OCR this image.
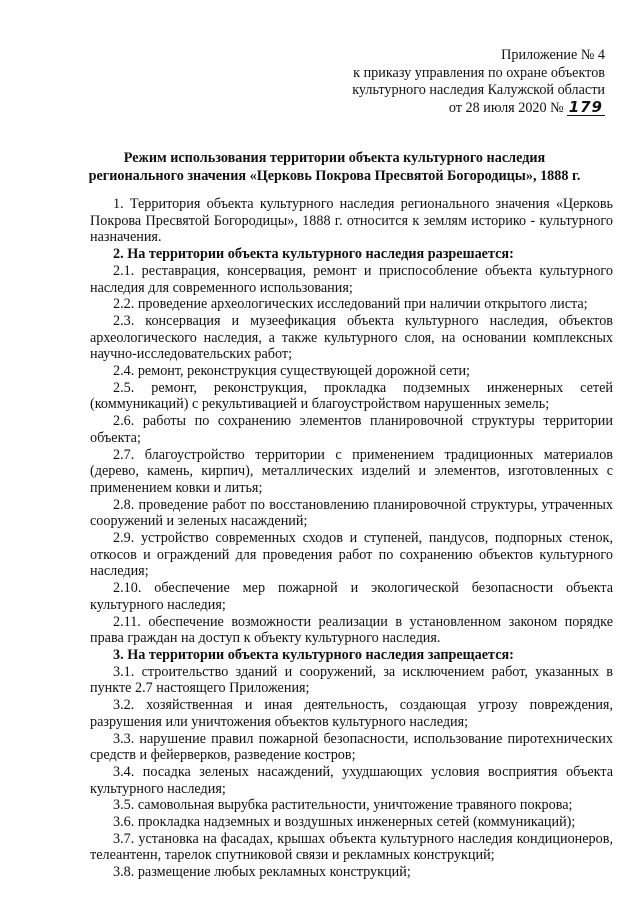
Приложение № 4
к приказу управления по охране объектов
культурного наследия Калужской области
от 28 июля 2020 № 179
Режим использования территории объекта культурного наследия
регионального значения «Церковь Покрова Пресвятой Богородицы», 1888 г.

1. Территория объекта культурного наследия регионального значения «Церковь Покрова Пресвятой Богородицы», 1888 г. относится к землям историко - культурного назначения.

2. На территории объекта культурного наследия разрешается:

2.1. реставрация, консервация, ремонт и приспособление объекта культурного наследия для современного использования;

2.2. проведение археологических исследований при наличии открытого листа;

2.3. консервация и музеефикация объекта культурного наследия, объектов археологического наследия, а также культурного слоя, на основании комплексных научно-исследовательских работ;

2.4. ремонт, реконструкция существующей дорожной сети;

2.5. ремонт, реконструкция, прокладка подземных инженерных сетей (коммуникаций) с рекультивацией и благоустройством нарушенных земель;

2.6. работы по сохранению элементов планировочной структуры территории объекта;

2.7. благоустройство территории с применением традиционных материалов (дерево, камень, кирпич), металлических изделий и элементов, изготовленных с применением ковки и литья;

2.8. проведение работ по восстановлению планировочной структуры, утраченных сооружений и зеленых насаждений;

2.9. устройство современных сходов и ступеней, пандусов, подпорных стенок, откосов и ограждений для проведения работ по сохранению объектов культурного наследия;

2.10. обеспечение мер пожарной и экологической безопасности объекта культурного наследия;

2.11. обеспечение возможности реализации в установленном законом порядке права граждан на доступ к объекту культурного наследия.

3. На территории объекта культурного наследия запрещается:

3.1. строительство зданий и сооружений, за исключением работ, указанных в пункте 2.7 настоящего Приложения;

3.2. хозяйственная и иная деятельность, создающая угрозу повреждения, разрушения или уничтожения объектов культурного наследия;

3.3. нарушение правил пожарной безопасности, использование пиротехнических средств и фейерверков, разведение костров;

3.4. посадка зеленых насаждений, ухудшающих условия восприятия объекта культурного наследия;

3.5. самовольная вырубка растительности, уничтожение травяного покрова;

3.6. прокладка надземных и воздушных инженерных сетей (коммуникаций);

3.7. установка на фасадах, крышах объекта культурного наследия кондиционеров, телеантенн, тарелок спутниковой связи и рекламных конструкций;

3.8. размещение любых рекламных конструкций;
